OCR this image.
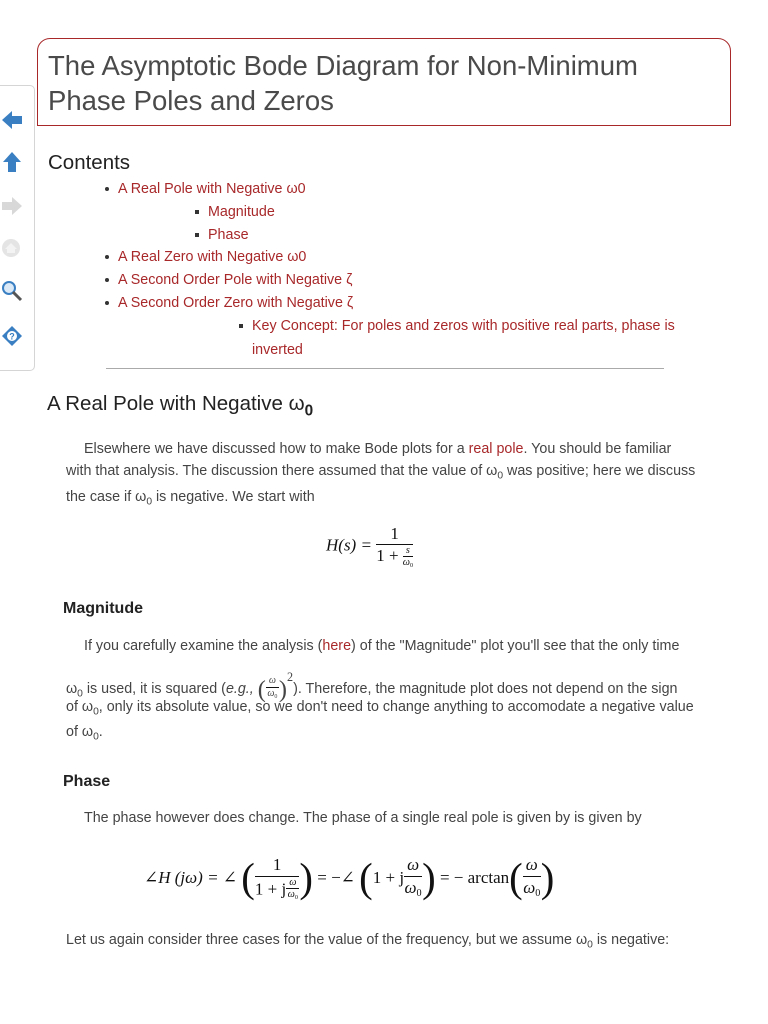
?
The Asymptotic Bode Diagram for Non-Minimum
Phase Poles and Zeros
Contents
A Real Pole with Negative ω0
Magnitude
Phase
A Real Zero with Negative ω0
A Second Order Pole with Negative ζ
A Second Order Zero with Negative ζ
Key Concept: For poles and zeros with positive real parts, phase is
inverted
A Real Pole with Negative $\omega_0$
Elsewhere we have discussed how to make Bode plots for a real pole. You should be familiar
with that analysis. The discussion there assumed that the value of $\omega_0$ was positive; here we discuss
the case if $\omega_0$ is negative. We start with
$H(s) = \frac{1}{1 + \frac{s}{\omega 0}}$
Magnitude
If you carefully examine the analysis (here) of the "Magnitude" plot you'll see that the only time
$\omega_0$ is used, it is squared (e.g., ( $\frac{\omega}{\omega 0} )^2$). Therefore, the magnitude plot does not depend on the sign
of $\omega_0$, only its absolute value, so we don't need to change anything to accomodate a negative value
of $\omega_0$.
Phase
The phase however does change. The phase of a single real pole is given by is given by
∠H (jω) = ∠ ( $\frac{1}{1 + j \frac{\omega}{\omega 0}}$ ) = −∠ (1 + j $\frac{\omega}{\omega 0}$ ) = − $\arctan( \frac{\omega}{\omega 0}$ )
Let us again consider three cases for the value of the frequency, but we assume $\omega_0$ is negative:
